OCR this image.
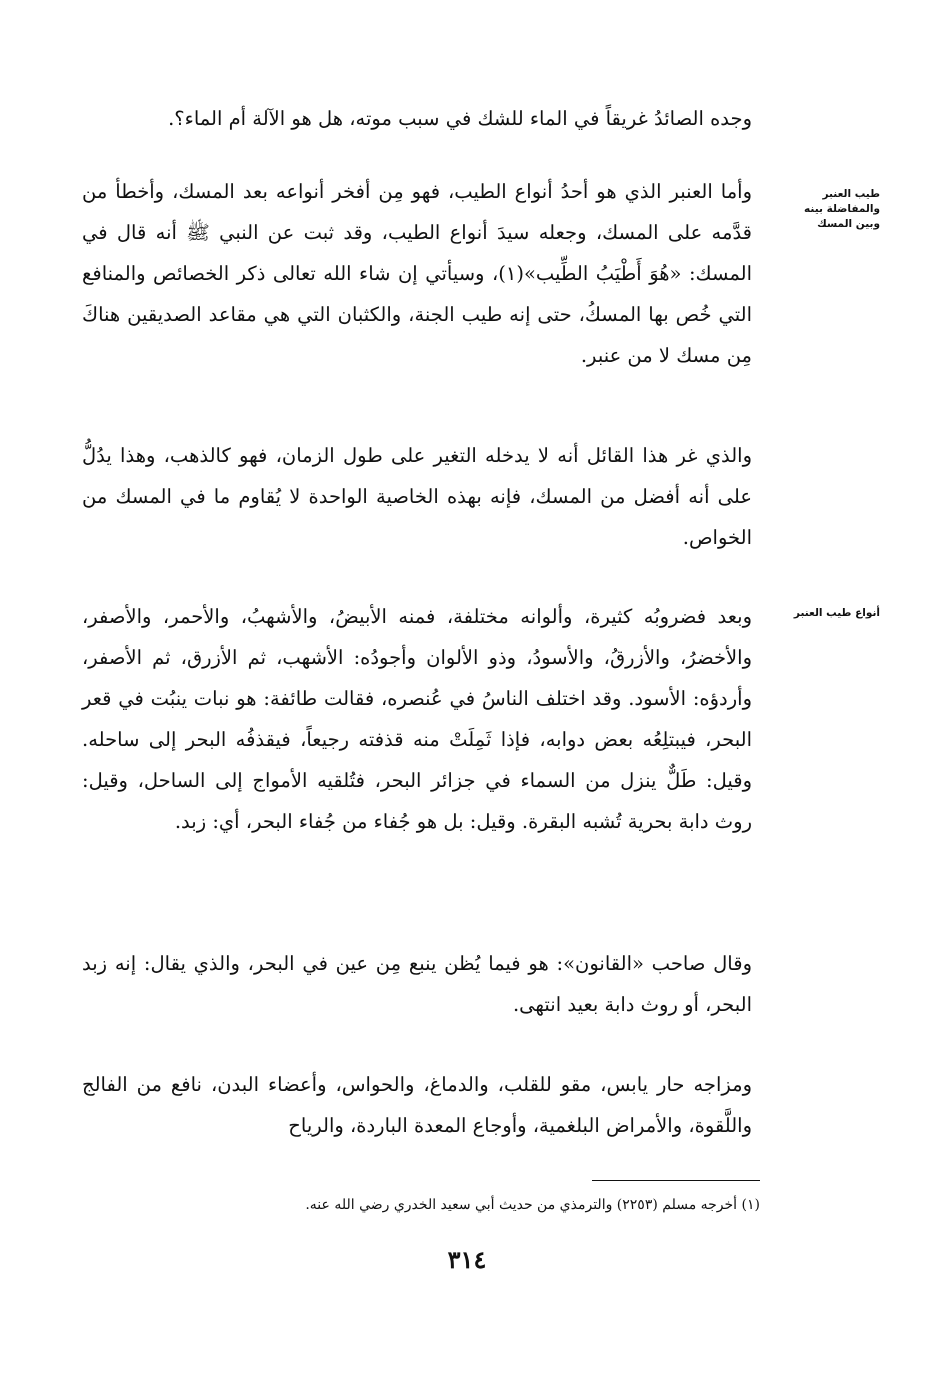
وجده الصائدُ غريقاً في الماء للشك في سبب موته، هل هو الآلة أم الماء؟.

طيب العنبر والمفاضلة بينه وبين المسك

وأما العنبر الذي هو أحدُ أنواع الطيب، فهو مِن أفخر أنواعه بعد المسك، وأخطأ من قدَّمه على المسك، وجعله سيدَ أنواع الطيب، وقد ثبت عن النبي ﷺ أنه قال في المسك: «هُوَ أَطْيَبُ الطِّيب»(١)، وسيأتي إن شاء الله تعالى ذكر الخصائص والمنافع التي خُص بها المسكُ، حتى إنه طيب الجنة، والكثبان التي هي مقاعد الصديقين هناكَ مِن مسك لا من عنبر.

والذي غر هذا القائل أنه لا يدخله التغير على طول الزمان، فهو كالذهب، وهذا يدُلُّ على أنه أفضل من المسك، فإنه بهذه الخاصية الواحدة لا يُقاوم ما في المسك من الخواص.

أنواع طيب العنبر

وبعد فضروبُه كثيرة، وألوانه مختلفة، فمنه الأبيضُ، والأشهبُ، والأحمر، والأصفر، والأخضرُ، والأزرقُ، والأسودُ، وذو الألوان وأجودُه: الأشهب، ثم الأزرق، ثم الأصفر، وأردؤه: الأسود. وقد اختلف الناسُ في عُنصره، فقالت طائفة: هو نبات ينبُت في قعر البحر، فيبتلِعُه بعض دوابه، فإذا ثَمِلَتْ منه قذفته رجيعاً، فيقذفُه البحر إلى ساحله. وقيل: طَلٌّ ينزل من السماء في جزائر البحر، فتُلقيه الأمواج إلى الساحل، وقيل: روث دابة بحرية تُشبه البقرة. وقيل: بل هو جُفاء من جُفاء البحر، أي: زبد.

وقال صاحب «القانون»: هو فيما يُظن ينبع مِن عين في البحر، والذي يقال: إنه زبد البحر، أو روث دابة بعيد انتهى.

ومزاجه حار يابس، مقو للقلب، والدماغ، والحواس، وأعضاء البدن، نافع من الفالج واللَّقوة، والأمراض البلغمية، وأوجاع المعدة الباردة، والرياح

(١) أخرجه مسلم (٢٢٥٣) والترمذي من حديث أبي سعيد الخدري رضي الله عنه.
٣١٤
